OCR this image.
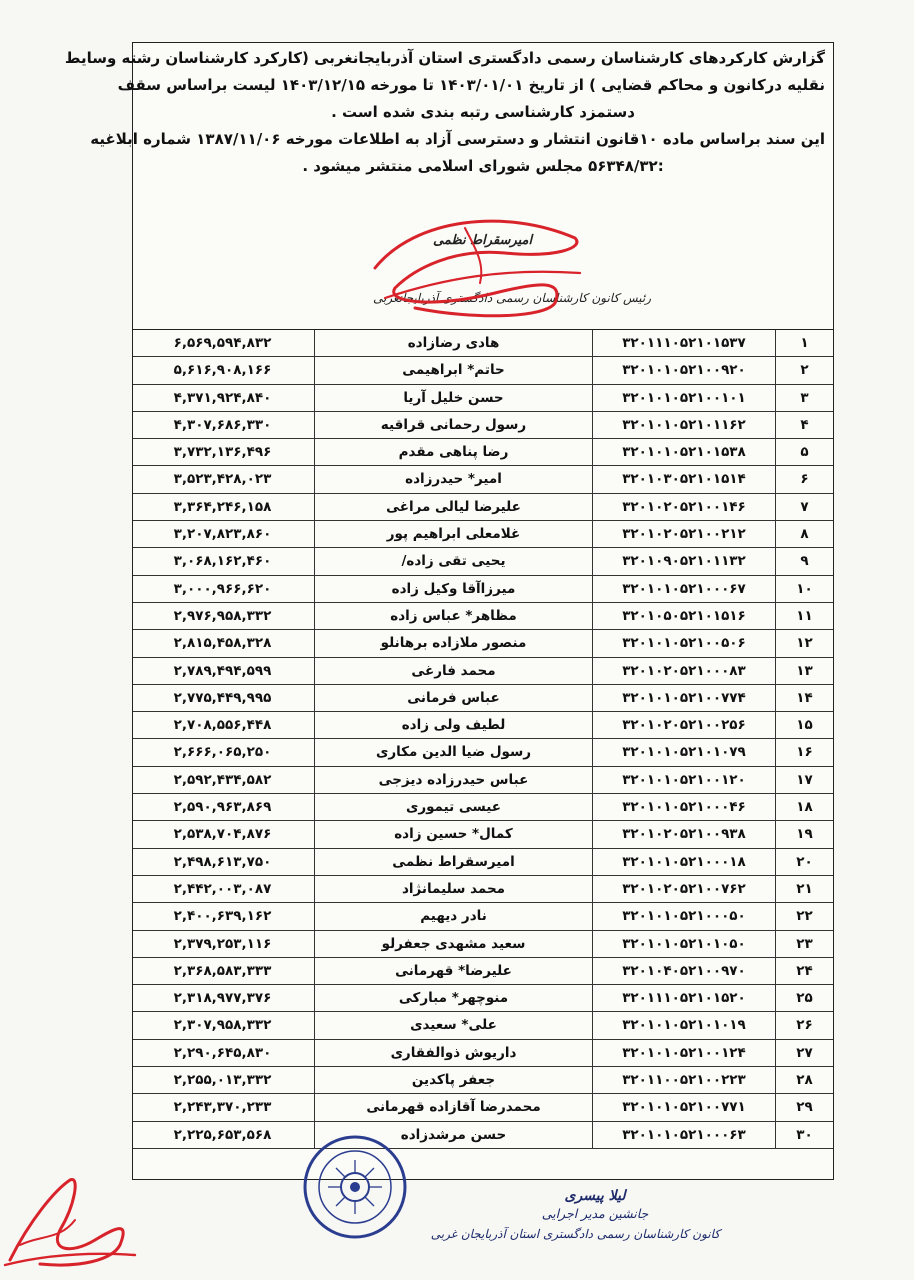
گزارش کارکردهای کارشناسان رسمی دادگستری استان آذربایجانغربی (کارکرد کارشناسان رشته وسایط
نقلیه درکانون و محاکم قضایی ) از تاریخ ۱۴۰۳/۰۱/۰۱ تا مورخه ۱۴۰۳/۱۲/۱۵ لیست براساس سقف
دستمزد کارشناسی رتبه بندی شده است .
این سند براساس ماده ۱۰قانون انتشار و دسترسی آزاد به اطلاعات مورخه ۱۳۸۷/۱۱/۰۶ شماره ابلاغیه
:۵۶۳۴۸/۳۲ مجلس شورای اسلامی منتشر میشود .
امیرسقراط نظمی
رئیس کانون کارشناسان رسمی دادگستری آذربایجانغربی
۱
۳۲۰۱۱۱۰۵۲۱۰۱۵۳۷
هادی رضازاده
۶,۵۶۹,۵۹۴,۸۳۲
۲
۳۲۰۱۰۱۰۵۲۱۰۰۹۲۰
حاتم* ابراهیمی
۵,۶۱۶,۹۰۸,۱۶۶
۳
۳۲۰۱۰۱۰۵۲۱۰۰۱۰۱
حسن خلیل آریا
۴,۳۷۱,۹۲۴,۸۴۰
۴
۳۲۰۱۰۱۰۵۲۱۰۱۱۶۲
رسول رحمانی قراقیه
۴,۳۰۷,۶۸۶,۳۳۰
۵
۳۲۰۱۰۱۰۵۲۱۰۱۵۳۸
رضا پناهی مقدم
۳,۷۳۲,۱۳۶,۴۹۶
۶
۳۲۰۱۰۳۰۵۲۱۰۱۵۱۴
امیر* حیدرزاده
۳,۵۲۳,۴۲۸,۰۲۳
۷
۳۲۰۱۰۲۰۵۲۱۰۰۱۴۶
علیرضا لیالی مراغی
۳,۳۶۴,۲۴۶,۱۵۸
۸
۳۲۰۱۰۲۰۵۲۱۰۰۲۱۲
غلامعلی ابراهیم پور
۳,۲۰۷,۸۲۳,۸۶۰
۹
۳۲۰۱۰۹۰۵۲۱۰۱۱۳۲
یحیی تقی زاده/
۳,۰۶۸,۱۶۲,۴۶۰
۱۰
۳۲۰۱۰۱۰۵۲۱۰۰۰۶۷
میرزاآقا وکیل زاده
۳,۰۰۰,۹۶۶,۶۲۰
۱۱
۳۲۰۱۰۵۰۵۲۱۰۱۵۱۶
مظاهر* عباس زاده
۲,۹۷۶,۹۵۸,۳۳۲
۱۲
۳۲۰۱۰۱۰۵۲۱۰۰۵۰۶
منصور ملازاده برهانلو
۲,۸۱۵,۴۵۸,۳۲۸
۱۳
۳۲۰۱۰۲۰۵۲۱۰۰۰۸۳
محمد فارغی
۲,۷۸۹,۴۹۴,۵۹۹
۱۴
۳۲۰۱۰۱۰۵۲۱۰۰۷۷۴
عباس فرمانی
۲,۷۷۵,۴۴۹,۹۹۵
۱۵
۳۲۰۱۰۲۰۵۲۱۰۰۲۵۶
لطیف ولی زاده
۲,۷۰۸,۵۵۶,۴۴۸
۱۶
۳۲۰۱۰۱۰۵۲۱۰۱۰۷۹
رسول ضیا الدین مکاری
۲,۶۶۶,۰۶۵,۲۵۰
۱۷
۳۲۰۱۰۱۰۵۲۱۰۰۱۲۰
عباس حیدرزاده دیزجی
۲,۵۹۲,۴۳۴,۵۸۲
۱۸
۳۲۰۱۰۱۰۵۲۱۰۰۰۴۶
عیسی تیموری
۲,۵۹۰,۹۶۳,۸۶۹
۱۹
۳۲۰۱۰۲۰۵۲۱۰۰۹۳۸
کمال* حسین زاده
۲,۵۳۸,۷۰۴,۸۷۶
۲۰
۳۲۰۱۰۱۰۵۲۱۰۰۰۱۸
امیرسقراط نظمی
۲,۴۹۸,۶۱۳,۷۵۰
۲۱
۳۲۰۱۰۲۰۵۲۱۰۰۷۶۲
محمد سلیمانژاد
۲,۴۴۲,۰۰۳,۰۸۷
۲۲
۳۲۰۱۰۱۰۵۲۱۰۰۰۵۰
نادر دیهیم
۲,۴۰۰,۶۳۹,۱۶۲
۲۳
۳۲۰۱۰۱۰۵۲۱۰۱۰۵۰
سعید مشهدی جعفرلو
۲,۳۷۹,۲۵۳,۱۱۶
۲۴
۳۲۰۱۰۴۰۵۲۱۰۰۹۷۰
علیرضا* قهرمانی
۲,۳۶۸,۵۸۳,۳۳۳
۲۵
۳۲۰۱۱۱۰۵۲۱۰۱۵۲۰
منوچهر* مبارکی
۲,۳۱۸,۹۷۷,۳۷۶
۲۶
۳۲۰۱۰۱۰۵۲۱۰۱۰۱۹
علی* سعیدی
۲,۳۰۷,۹۵۸,۳۳۲
۲۷
۳۲۰۱۰۱۰۵۲۱۰۰۱۲۴
داریوش ذوالفقاری
۲,۲۹۰,۶۴۵,۸۳۰
۲۸
۳۲۰۱۱۰۰۵۲۱۰۰۲۲۳
جعفر پاکدین
۲,۲۵۵,۰۱۳,۳۳۲
۲۹
۳۲۰۱۰۱۰۵۲۱۰۰۷۷۱
محمدرضا آقازاده قهرمانی
۲,۲۴۳,۳۷۰,۲۳۳
۳۰
۳۲۰۱۰۱۰۵۲۱۰۰۰۶۳
حسن مرشدزاده
۲,۲۲۵,۶۵۳,۵۶۸
لیلا پیسری
جانشین مدیر اجرایی
کانون کارشناسان رسمی دادگستری استان آذربایجان غربی
